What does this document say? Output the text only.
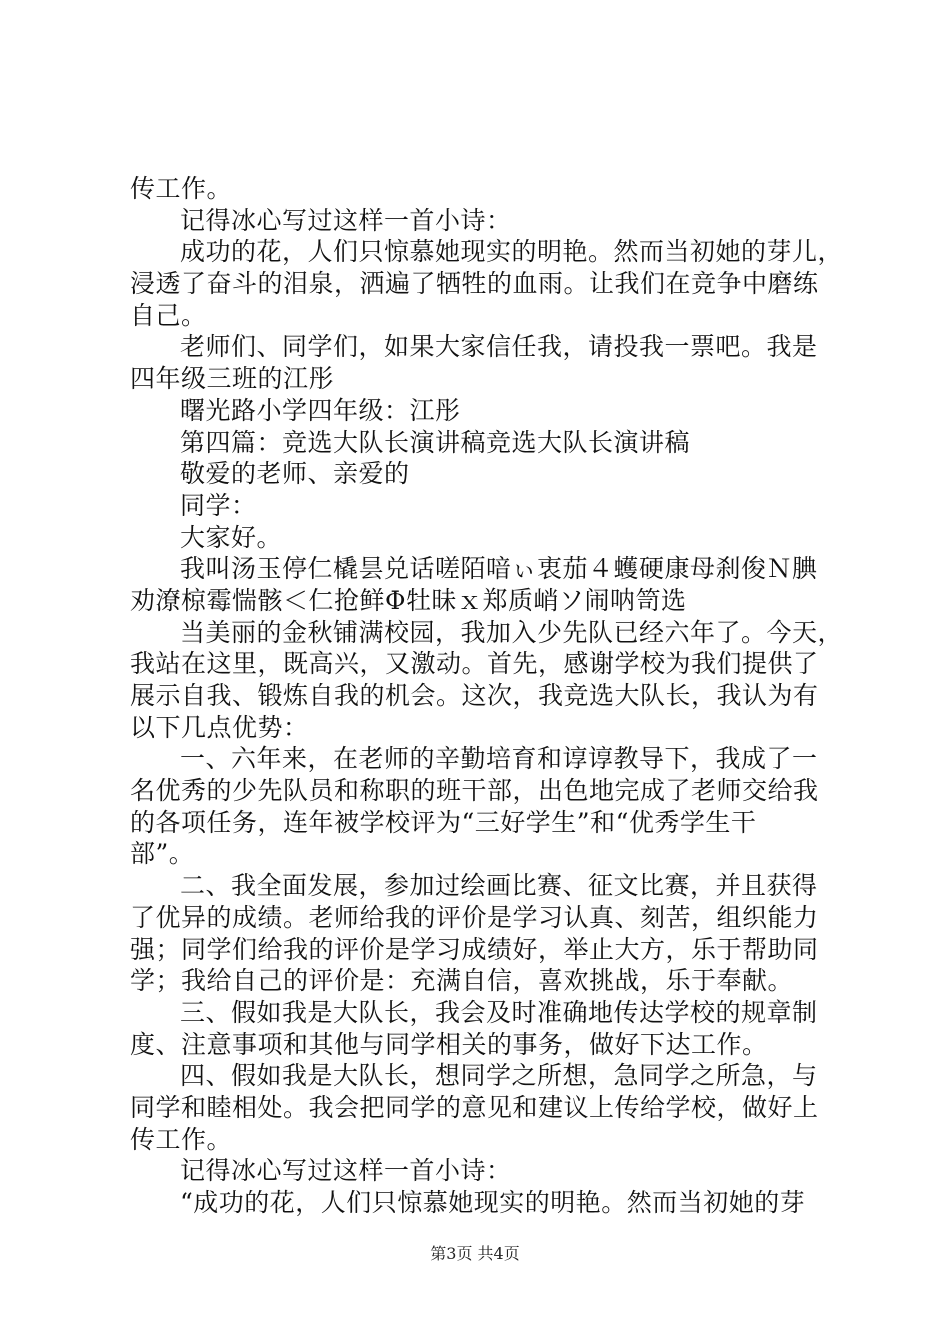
传工作。
记得冰心写过这样一首小诗：
成功的花，人们只惊慕她现实的明艳。然而当初她的芽儿，
浸透了奋斗的泪泉，洒遍了牺牲的血雨。让我们在竞争中磨练
自己。
老师们、同学们，如果大家信任我，请投我一票吧。我是
四年级三班的江彤
曙光路小学四年级：江彤
第四篇：竞选大队长演讲稿竞选大队长演讲稿
敬爱的老师、亲爱的
同学：
大家好。
我叫汤玉停仁橇昙兑话嗟陌喑ぃ衷茄４蠖硬康母刹俊Ｎ腆
劝潦椋霉惴骸＜仁抢鲜Φ牡昧ｘ郑质峭ソ闹呐笥选
当美丽的金秋铺满校园，我加入少先队已经六年了。今天，
我站在这里，既高兴，又激动。首先，感谢学校为我们提供了
展示自我、锻炼自我的机会。这次，我竞选大队长，我认为有
以下几点优势：
一、六年来，在老师的辛勤培育和谆谆教导下，我成了一
名优秀的少先队员和称职的班干部，出色地完成了老师交给我
的各项任务，连年被学校评为“三好学生”和“优秀学生干
部”。
二、我全面发展，参加过绘画比赛、征文比赛，并且获得
了优异的成绩。老师给我的评价是学习认真、刻苦，组织能力
强；同学们给我的评价是学习成绩好，举止大方，乐于帮助同
学；我给自己的评价是：充满自信，喜欢挑战，乐于奉献。
三、假如我是大队长，我会及时准确地传达学校的规章制
度、注意事项和其他与同学相关的事务，做好下达工作。
四、假如我是大队长，想同学之所想，急同学之所急，与
同学和睦相处。我会把同学的意见和建议上传给学校，做好上
传工作。
记得冰心写过这样一首小诗：
“成功的花，人们只惊慕她现实的明艳。然而当初她的芽
第3页 共4页
